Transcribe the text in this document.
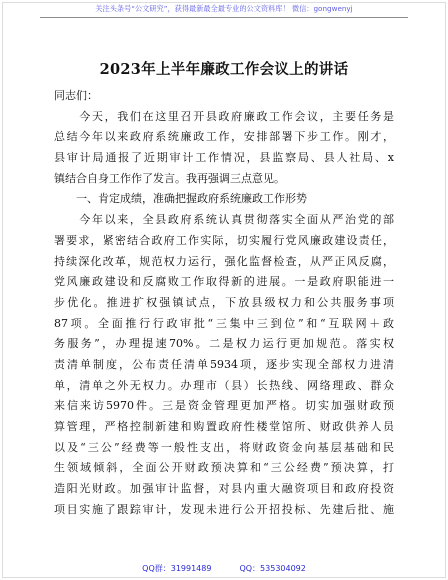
关注头条号“公文研究”，获得最新最全最专业的公文资料库！ 微信：gongwenyj
2023年上半年廉政工作会议上的讲话
同志们：
　　今天，我们在这里召开县政府廉政工作会议，主要任务是
总结今年以来政府系统廉政工作，安排部署下步工作。刚才，
县审计局通报了近期审计工作情况，县监察局、县人社局、x
镇结合自身工作作了发言。我再强调三点意见。
　　一、肯定成绩，准确把握政府系统廉政工作形势
　　今年以来，全县政府系统认真贯彻落实全面从严治党的部
署要求，紧密结合政府工作实际，切实履行党风廉政建设责任，
持续深化改革，规范权力运行，强化监督检查，从严正风反腐，
党风廉政建设和反腐败工作取得新的进展。一是政府职能进一
步优化。推进扩权强镇试点，下放县级权力和公共服务事项
87项。全面推行行政审批“三集中三到位”和“互联网＋政
务服务”，办理提速70%。二是权力运行更加规范。落实权
责清单制度，公布责任清单5934项，逐步实现全部权力进清
单，清单之外无权力。办理市（县）长热线、网络理政、群众
来信来访5970件。三是资金管理更加严格。切实加强财政预
算管理，严格控制新建和购置政府性楼堂馆所、财政供养人员
以及“三公”经费等一般性支出，将财政资金向基层基础和民
生领域倾斜，全面公开财政预决算和“三公经费”预决算，打
造阳光财政。加强审计监督，对县内重大融资项目和政府投资
项目实施了跟踪审计，发现未进行公开招投标、先建后批、施
QQ群：31991489	QQ：535304092
